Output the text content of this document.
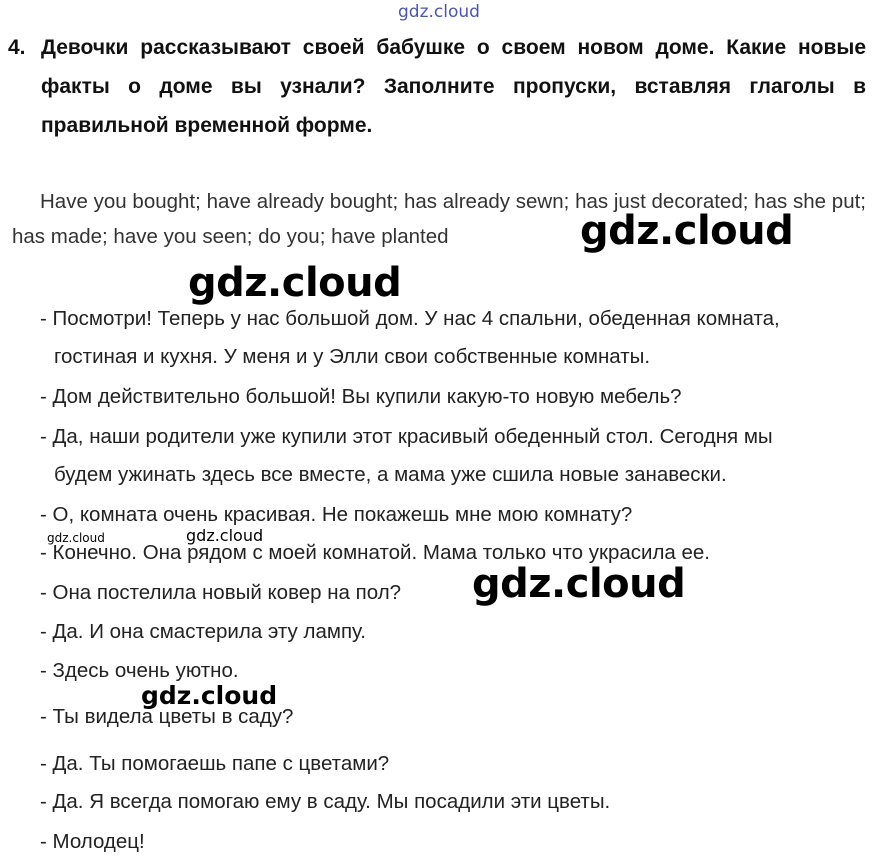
gdz.cloud
gdz.cloud
gdz.cloud
gdz.cloud	gdz.cloud
gdz.cloud
gdz.cloud
4. Девочки рассказывают своей бабушке о своем новом доме. Какие новые факты о доме вы узнали? Заполните пропуски, вставляя глаголы в правильной временной форме.
Have you bought; have already bought; has already sewn; has just decorated; has she put; has made; have you seen; do you; have planted
- Посмотри! Теперь у нас большой дом. У нас 4 спальни, обеденная комната,
гостиная и кухня. У меня и у Элли свои собственные комнаты.
- Дом действительно большой! Вы купили какую-то новую мебель?
- Да, наши родители уже купили этот красивый обеденный стол. Сегодня мы
будем ужинать здесь все вместе, а мама уже сшила новые занавески.
- О, комната очень красивая. Не покажешь мне мою комнату?
- Конечно. Она рядом с моей комнатой. Мама только что украсила ее.
- Она постелила новый ковер на пол?
- Да. И она смастерила эту лампу.
- Здесь очень уютно.
- Ты видела цветы в саду?
- Да. Ты помогаешь папе с цветами?
- Да. Я всегда помогаю ему в саду. Мы посадили эти цветы.
- Молодец!
